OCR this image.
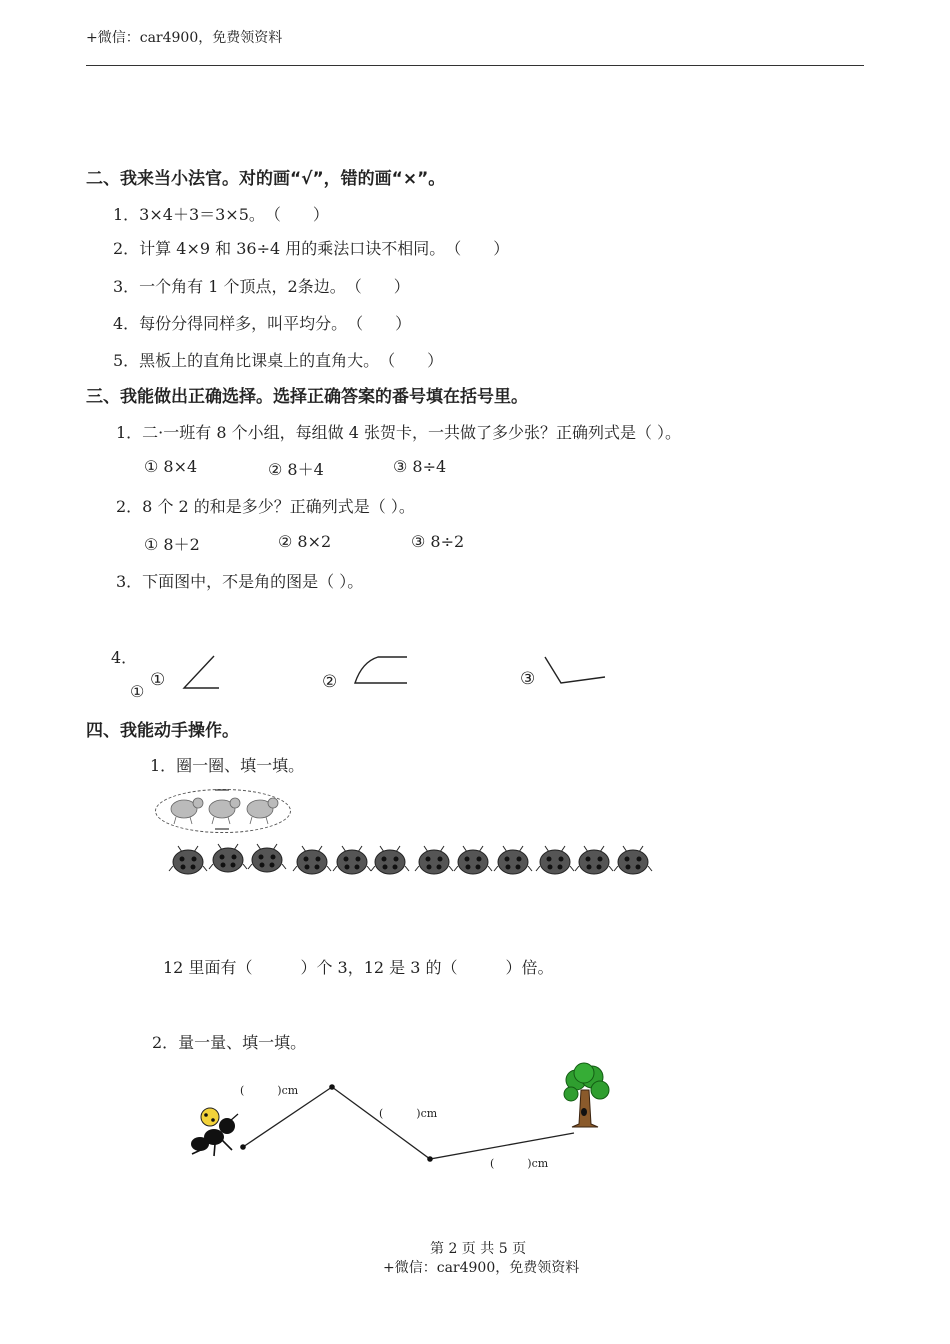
+微信：car4900，免费领资料
二、我来当小法官。对的画“√”，错的画“×”。
1．3×4＋3＝3×5。　（　　）
2．计算 4×9 和 36÷4 用的乘法口诀不相同。　（　　）
3．一个角有 1 个顶点，2条边。　（　　）
4．每份分得同样多，叫平均分。　（　　）
5．黑板上的直角比课桌上的直角大。　（　　）
三、我能做出正确选择。选择正确答案的番号填在括号里。
1．二·一班有 8 个小组，每组做 4 张贺卡，一共做了多少张？正确列式是（ ）。
① 8×4	② 8＋4	③ 8÷4
2．8 个 2 的和是多少？正确列式是（ ）。
① 8＋2	② 8×2	③ 8÷2
3．下面图中，不是角的图是（ ）。
4．
①
①	②	③
四、我能动手操作。
1．圈一圈、填一填。
12 里面有（　　　）个 3，12 是 3 的（　　　）倍。
2．量一量、填一填。
(　　　)cm
(　　　)cm
(　　　)cm
第 2 页 共 5 页
+微信：car4900，免费领资料
